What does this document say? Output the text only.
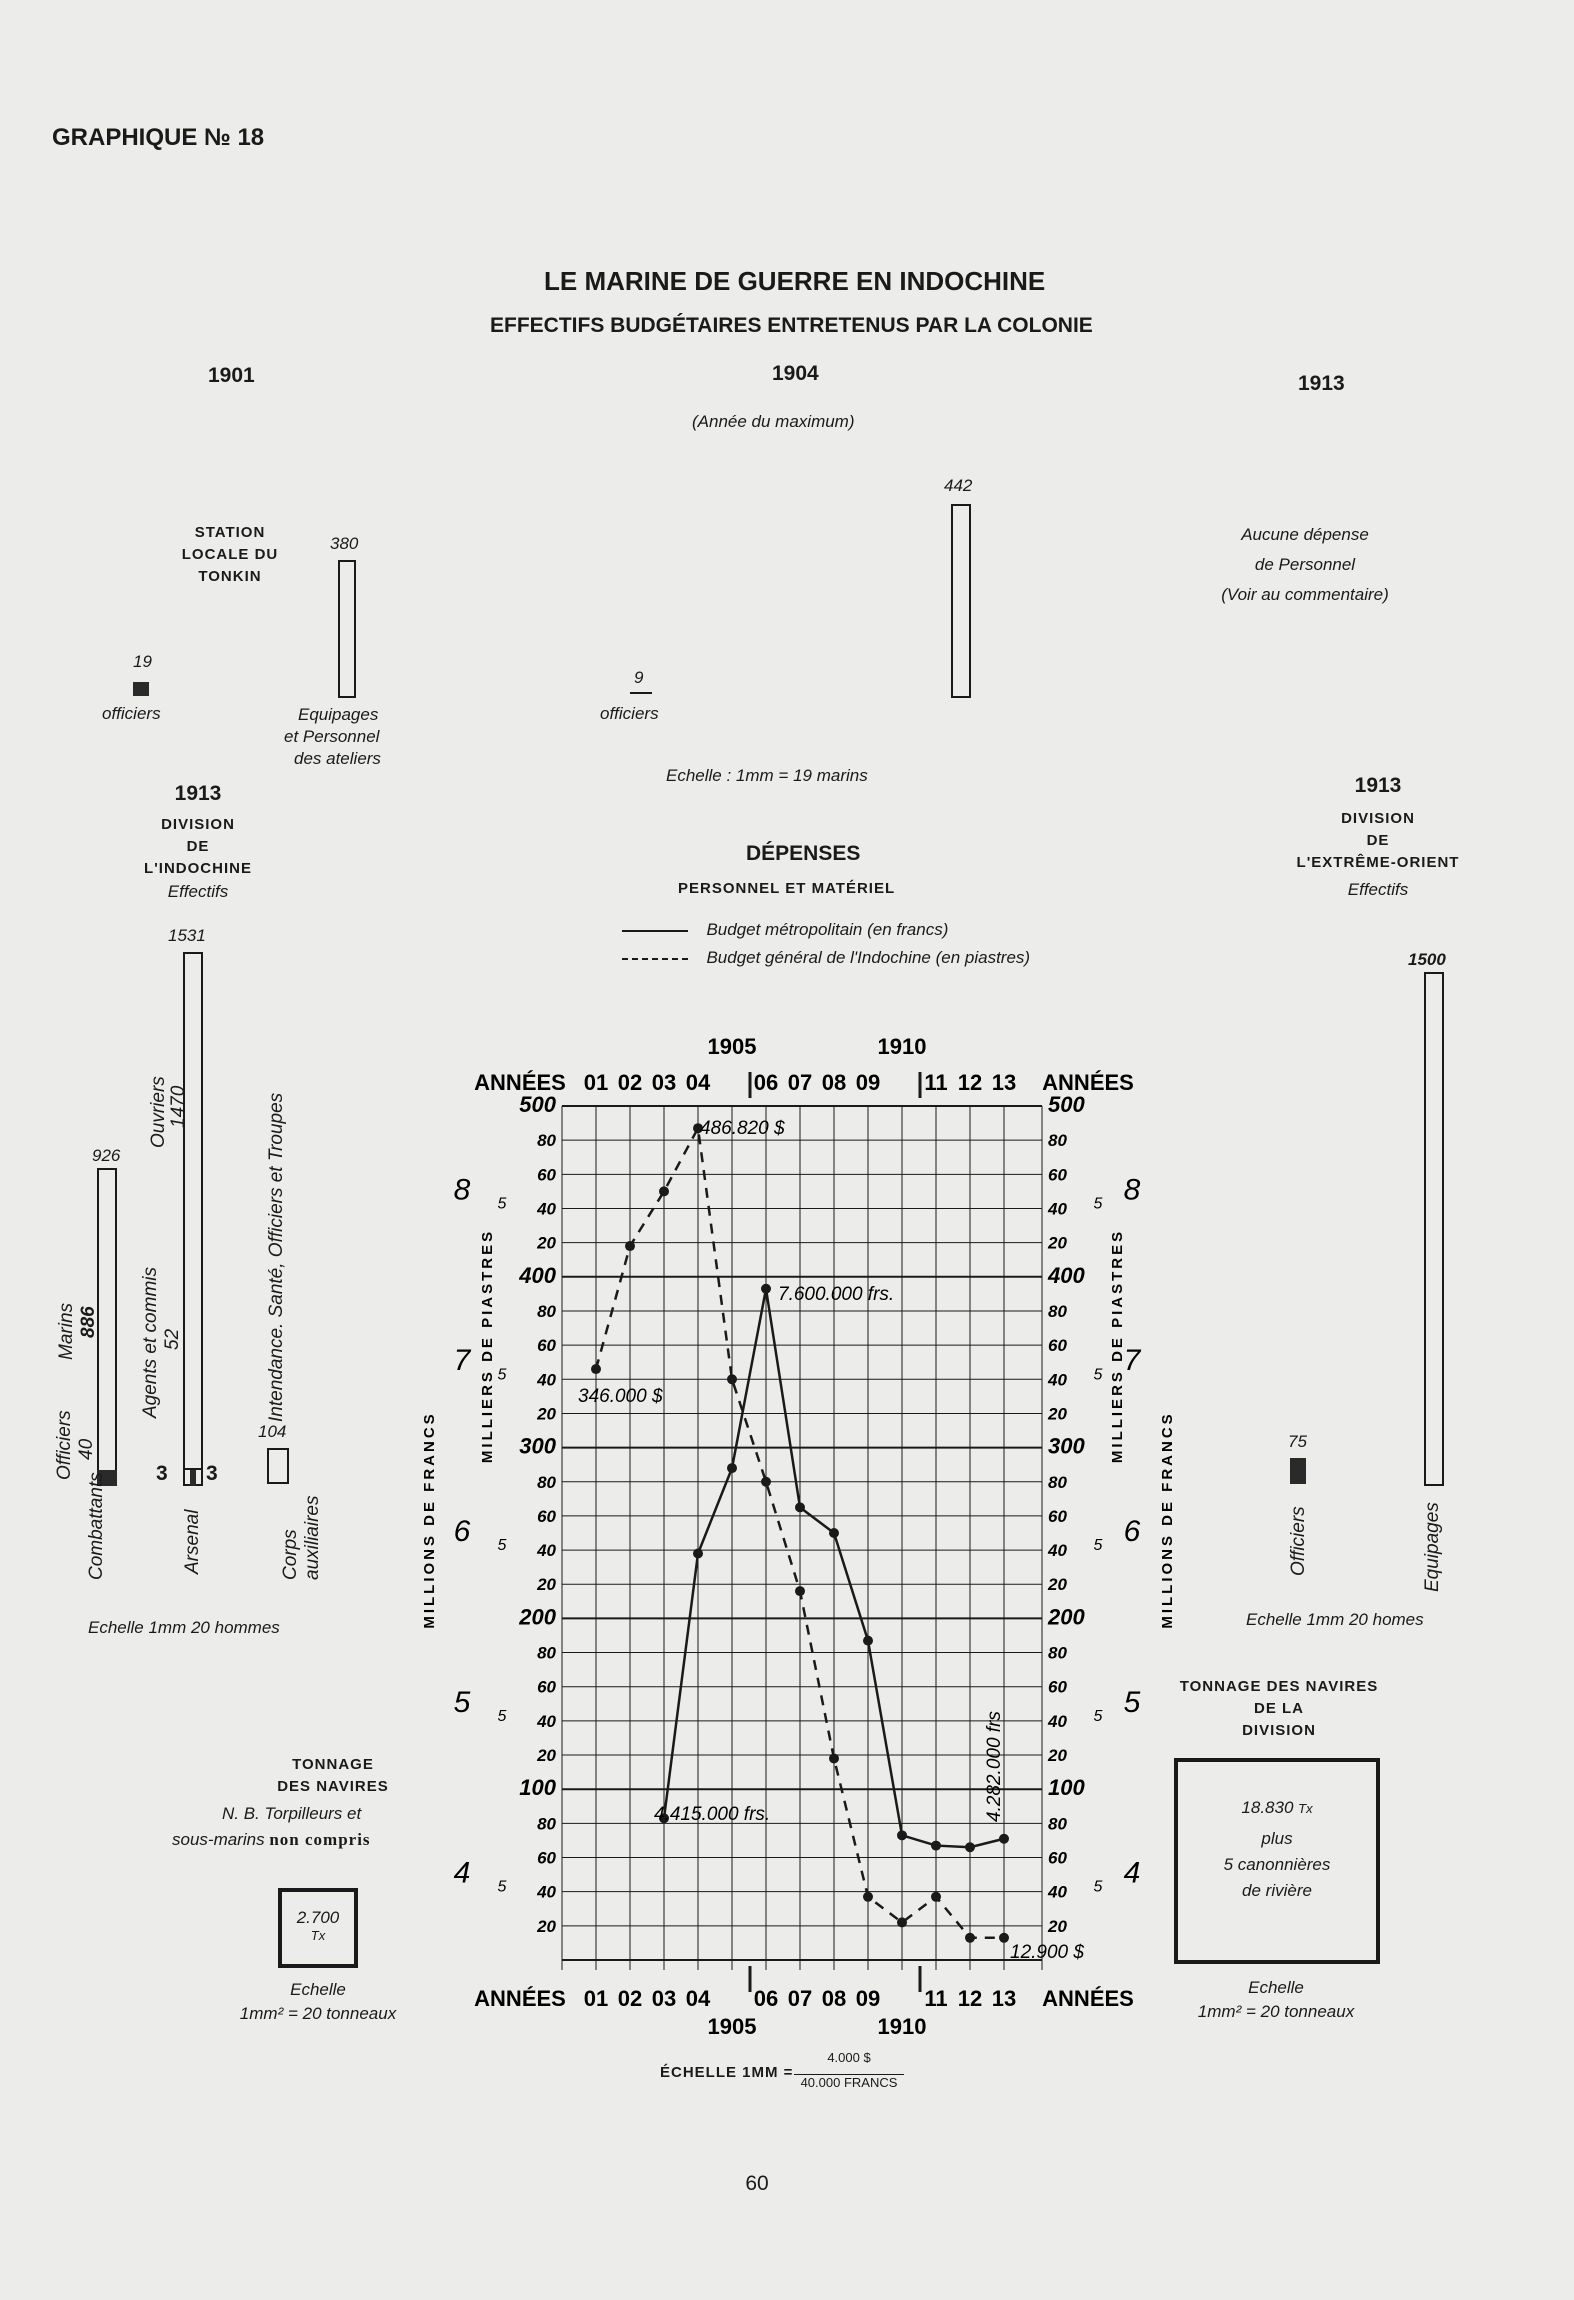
GRAPHIQUE № 18
LE MARINE DE GUERRE EN INDOCHINE
EFFECTIFS BUDGÉTAIRES ENTRETENUS PAR LA COLONIE
1901	1904
(Année du maximum)
1913
STATION
LOCALE DU
TONKIN
19
officiers
380
Equipages
et Personnel
des ateliers
9
officiers
442
Echelle : 1mm = 19 marins
Aucune dépense
de Personnel
(Voir au commentaire)
1913
DIVISION
DE
L'INDOCHINE
Effectifs
926
Officiers 40
Marins 886
Combattants
1531
Ouvriers 1470
Agents et commis 52
3 3
Arsenal
Intendance. Santé, Officiers et Troupes
104
Corps
auxiliaires
Echelle 1mm 20 hommes
TONNAGE
DES NAVIRES
N. B. Torpilleurs et
sous-marins non compris
2.700
Tx
Echelle
1mm² = 20 tonneaux
1913
DIVISION
DE
L'EXTRÊME-ORIENT
Effectifs
1500
Equipages
75
Officiers
Echelle 1mm 20 homes
TONNAGE DES NAVIRES
DE LA
DIVISION
18.830 Tx
plus
5 canonnières
de rivière
Echelle
1mm² = 20 tonneaux
DÉPENSES
PERSONNEL ET MATÉRIEL
Budget métropolitain (en francs)
Budget général de l'Indochine (en piastres)
500	500
80	80
60	60
40	40
20	20
400	400
80	80
60	60
40	40
20	20
300	300
80	80
60	60
40	40
20	20
200	200
80	80
60	60
40	40
20	20
100	100
80	80
60	60
40	40
20	20
01
01
02
02
03
03
04
04
06
06
07
07
08
08
09
09
11
11
12
12
13
13
ANNÉES	ANNÉES
ANNÉES	ANNÉES
1905
1905
1910
1910
8	8
7	7
6	6
5	5
4	4
5	5
5	5
5	5
5	5
5	5
MILLIONS DE FRANCS
MILLIERS DE PIASTRES	MILLIERS DE PIASTRES
MILLIONS DE FRANCS
486.820 $
7.600.000 frs.
346.000 $
4.415.000 frs.	4.282.000 frs
12.900 $
ÉCHELLE 1MM =
4.000 $
40.000 FRANCS
60
